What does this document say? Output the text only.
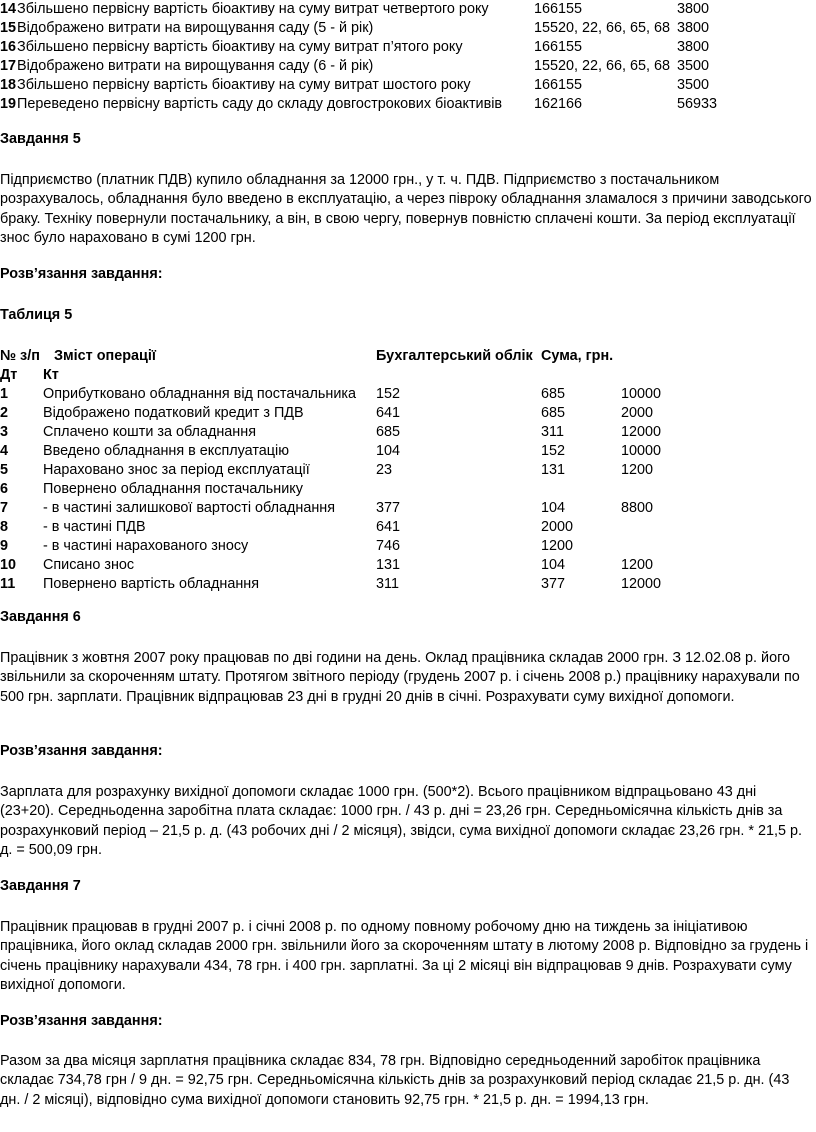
14 Збільшено первісну вартість біоактиву на суму витрат четвертого року	166155	3800
15 Відображено витрати на вирощування саду (5 - й рік)	15520, 22, 66, 65, 68 3800
16 Збільшено первісну вартість біоактиву на суму витрат п’ятого року	166155	3800
17 Відображено витрати на вирощування саду (6 - й рік)	15520, 22, 66, 65, 68 3500
18 Збільшено первісну вартість біоактиву на суму витрат шостого року	166155	3500
19 Переведено первісну вартість саду до складу довгострокових біоактивів 162166	56933
Завдання 5
Підприємство (платник ПДВ) купило обладнання за 12000 грн., у т. ч. ПДВ. Підприємство з постачальником розрахувалось, обладнання було введено в експлуатацію, а через півроку обладнання зламалося з причини заводського браку. Техніку повернули постачальнику, а він, в свою чергу, повернув повністю сплачені кошти. За період експлуатації знос було нараховано в сумі 1200 грн.
Розв’язання завдання:
Таблиця 5
№ з/п Зміст операції	Бухгалтерський облік Сума, грн.
Дт Кт
1 Оприбутковано обладнання від постачальника 152	685	10000
2 Відображено податковий кредит з ПДВ	641	685	2000
3 Сплачено кошти за обладнання	685	311	12000
4 Введено обладнання в експлуатацію	104	152	10000
5 Нараховано знос за період експлуатації	23	131	1200
6 Повернено обладнання постачальнику
7 - в частині залишкової вартості обладнання	377	104	8800
8 - в частині ПДВ	641	2000
9 - в частині нарахованого зносу	746	1200
10 Списано знос	131	104	1200
11 Повернено вартість обладнання	311	377	12000
Завдання 6
Працівник з жовтня 2007 року працював по дві години на день. Оклад працівника складав 2000 грн. З 12.02.08 р. його звільнили за скороченням штату. Протягом звітного періоду (грудень 2007 р. і січень 2008 р.) працівнику нарахували по 500 грн. зарплати. Працівник відпрацював 23 дні в грудні 20 днів в січні. Розрахувати суму вихідної допомоги.
Розв’язання завдання:
Зарплата для розрахунку вихідної допомоги складає 1000 грн. (500*2). Всього працівником відпрацьовано 43 дні (23+20). Середньоденна заробітна плата складає: 1000 грн. / 43 р. дні = 23,26 грн. Середньомісячна кількість днів за розрахунковий період – 21,5 р. д. (43 робочих дні / 2 місяця), звідси, сума вихідної допомоги складає 23,26 грн. * 21,5 р. д. = 500,09 грн.
Завдання 7
Працівник працював в грудні 2007 р. і січні 2008 р. по одному повному робочому дню на тиждень за ініціативою працівника, його оклад складав 2000 грн. звільнили його за скороченням штату в лютому 2008 р. Відповідно за грудень і січень працівнику нарахували 434, 78 грн. і 400 грн. зарплатні. За ці 2 місяці він відпрацював 9 днів. Розрахувати суму вихідної допомоги.
Розв’язання завдання:
Разом за два місяця зарплатня працівника складає 834, 78 грн. Відповідно середньоденний заробіток працівника складає 734,78 грн / 9 дн. = 92,75 грн. Середньомісячна кількість днів за розрахунковий період складає 21,5 р. дн. (43 дн. / 2 місяці), відповідно сума вихідної допомоги становить 92,75 грн. * 21,5 р. дн. = 1994,13 грн.
